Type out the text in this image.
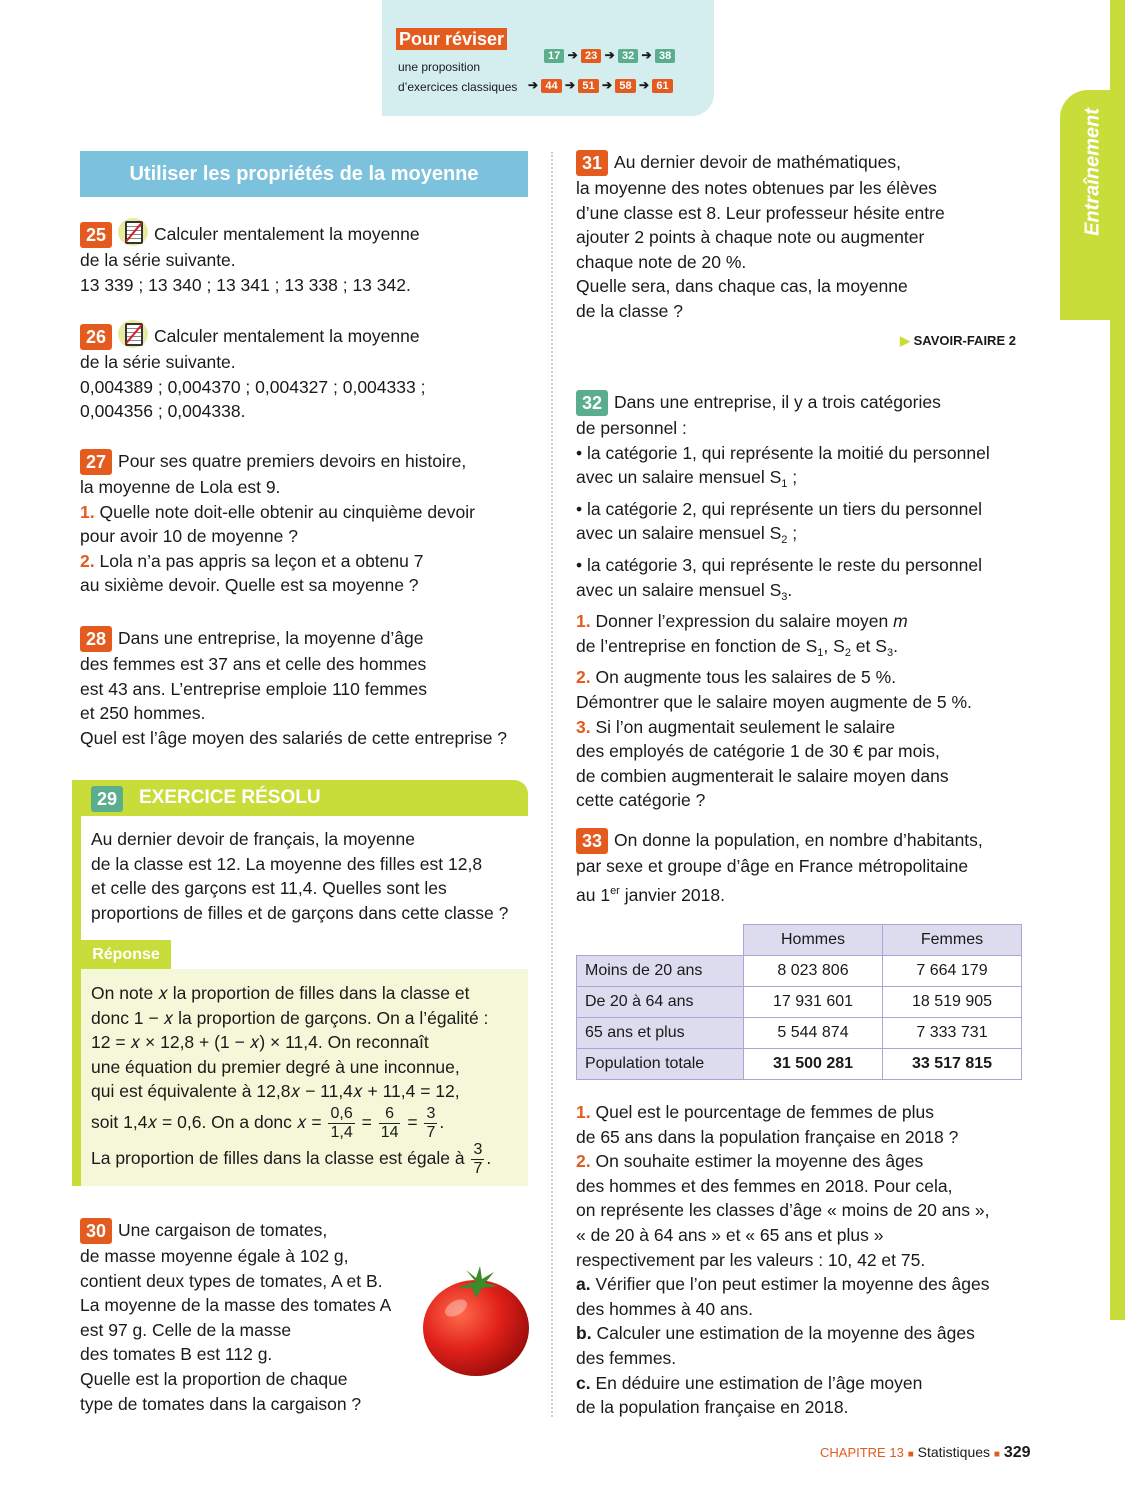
Pour réviser
une proposition
d’exercices classiques
17 ➔ 23 ➔ 32 ➔ 38
➔ 44 ➔ 51 ➔ 58 ➔ 61
Entraînement
Utiliser les propriétés de la moyenne

25	Calculer mentalement la moyenne

de la série suivante.

13 339 ; 13 340 ; 13 341 ; 13 338 ; 13 342.

26	Calculer mentalement la moyenne

de la série suivante.

0,004389 ; 0,004370 ; 0,004327 ; 0,004333 ;

0,004356 ; 0,004338.

27 Pour ses quatre premiers devoirs en histoire,

la moyenne de Lola est 9.

1. Quelle note doit-elle obtenir au cinquième devoir

pour avoir 10 de moyenne ?

2. Lola n’a pas appris sa leçon et a obtenu 7

au sixième devoir. Quelle est sa moyenne ?

28 Dans une entreprise, la moyenne d’âge

des femmes est 37 ans et celle des hommes

est 43 ans. L’entreprise emploie 110 femmes

et 250 hommes.

Quel est l’âge moyen des salariés de cette entreprise ?

29	EXERCICE RÉSOLU

Au dernier devoir de français, la moyenne

de la classe est 12. La moyenne des filles est 12,8

et celle des garçons est 11,4. Quelles sont les

proportions de filles et de garçons dans cette classe ?

Réponse

On note 𝑥 la proportion de filles dans la classe et

donc 1 − 𝑥 la proportion de garçons. On a l’égalité :

12 = 𝑥 × 12,8 + (1 − 𝑥) × 11,4. On reconnaît

une équation du premier degré à une inconnue,

qui est équivalente à 12,8𝑥 − 11,4𝑥 + 11,4 = 12,

soit 1,4𝑥 = 0,6. On a donc 𝑥 = $\frac{0,6}{1,4} = \frac{6}{14} = \frac{3}{7}$ .

La proportion de filles dans la classe est égale à $\frac{3}{7}$ .

30 Une cargaison de tomates,

de masse moyenne égale à 102 g,

contient deux types de tomates, A et B.

La moyenne de la masse des tomates A

est 97 g. Celle de la masse

des tomates B est 112 g.

Quelle est la proportion de chaque

type de tomates dans la cargaison ?

31 Au dernier devoir de mathématiques,

la moyenne des notes obtenues par les élèves

d’une classe est 8. Leur professeur hésite entre

ajouter 2 points à chaque note ou augmenter

chaque note de 20 %.

Quelle sera, dans chaque cas, la moyenne

de la classe ?

▶ SAVOIR-FAIRE 2

32 Dans une entreprise, il y a trois catégories

de personnel :

• la catégorie 1, qui représente la moitié du personnel

avec un salaire mensuel $S_1$ ;

• la catégorie 2, qui représente un tiers du personnel

avec un salaire mensuel $S_2$ ;

• la catégorie 3, qui représente le reste du personnel

avec un salaire mensuel $S_3$.

1. Donner l’expression du salaire moyen m

de l’entreprise en fonction de $S_1$, $S_2$ et $S_3$.

2. On augmente tous les salaires de 5 %.

Démontrer que le salaire moyen augmente de 5 %.

3. Si l’on augmentait seulement le salaire

des employés de catégorie 1 de 30 € par mois,

de combien augmenterait le salaire moyen dans

cette catégorie ?

33 On donne la population, en nombre d’habitants,

par sexe et groupe d’âge en France métropolitaine

au 1er janvier 2018.

	Hommes	Femmes
Moins de 20 ans	8 023 806	7 664 179
De 20 à 64 ans	17 931 601	18 519 905
65 ans et plus	5 544 874	7 333 731
Population totale	31 500 281	33 517 815

1. Quel est le pourcentage de femmes de plus

de 65 ans dans la population française en 2018 ?

2. On souhaite estimer la moyenne des âges

des hommes et des femmes en 2018. Pour cela,

on représente les classes d’âge « moins de 20 ans »,

« de 20 à 64 ans » et « 65 ans et plus »

respectivement par les valeurs : 10, 42 et 75.

a. Vérifier que l’on peut estimer la moyenne des âges

des hommes à 40 ans.

b. Calculer une estimation de la moyenne des âges

des femmes.

c. En déduire une estimation de l’âge moyen

de la population française en 2018.

CHAPITRE 13 ■ Statistiques ■ 329
